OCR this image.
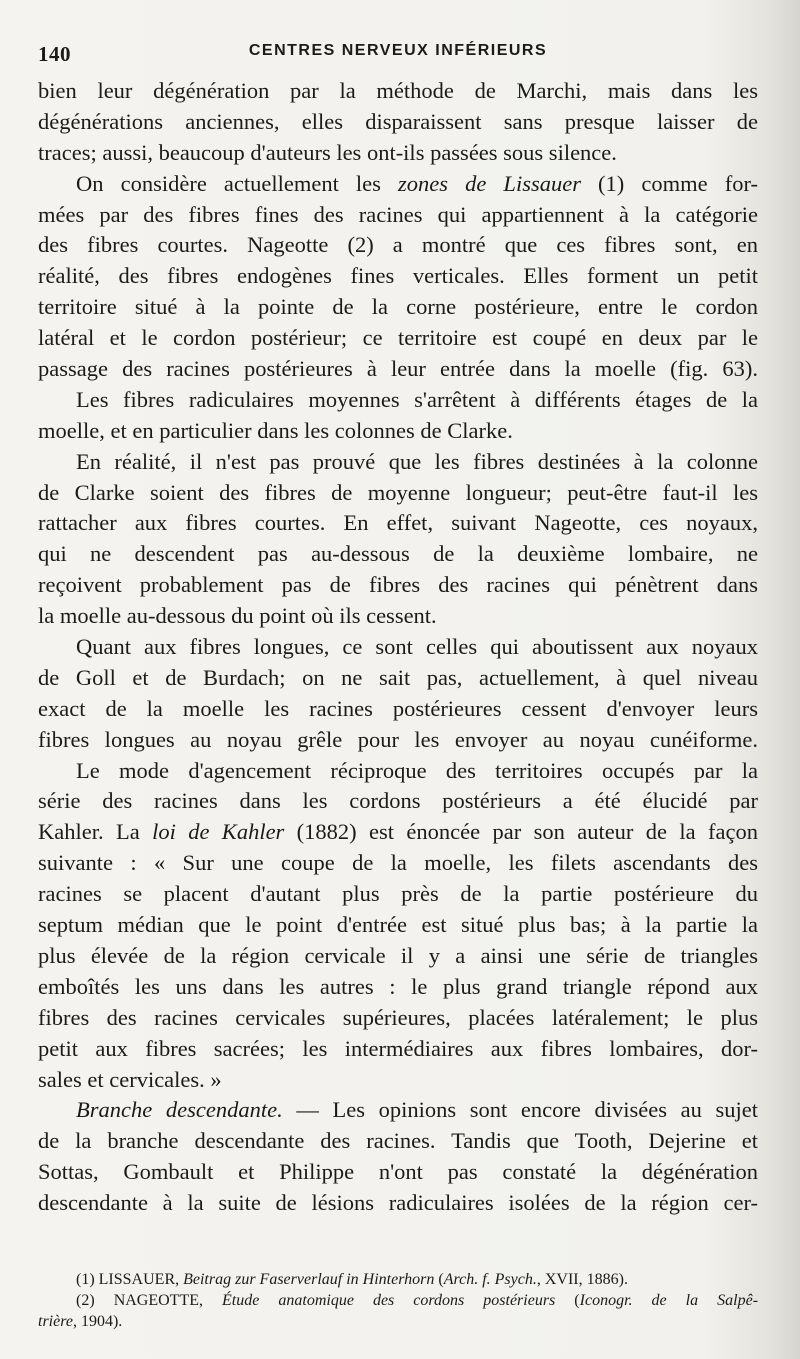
140	CENTRES NERVEUX INFÉRIEURS
bien leur dégénération par la méthode de Marchi, mais dans les
dégénérations anciennes, elles disparaissent sans presque laisser de
traces; aussi, beaucoup d'auteurs les ont-ils passées sous silence.
On considère actuellement les zones de Lissauer (1) comme for-
mées par des fibres fines des racines qui appartiennent à la catégorie
des fibres courtes. Nageotte (2) a montré que ces fibres sont, en
réalité, des fibres endogènes fines verticales. Elles forment un petit
territoire situé à la pointe de la corne postérieure, entre le cordon
latéral et le cordon postérieur; ce territoire est coupé en deux par le
passage des racines postérieures à leur entrée dans la moelle (fig. 63).
Les fibres radiculaires moyennes s'arrêtent à différents étages de la
moelle, et en particulier dans les colonnes de Clarke.
En réalité, il n'est pas prouvé que les fibres destinées à la colonne
de Clarke soient des fibres de moyenne longueur; peut-être faut-il les
rattacher aux fibres courtes. En effet, suivant Nageotte, ces noyaux,
qui ne descendent pas au-dessous de la deuxième lombaire, ne
reçoivent probablement pas de fibres des racines qui pénètrent dans
la moelle au-dessous du point où ils cessent.
Quant aux fibres longues, ce sont celles qui aboutissent aux noyaux
de Goll et de Burdach; on ne sait pas, actuellement, à quel niveau
exact de la moelle les racines postérieures cessent d'envoyer leurs
fibres longues au noyau grêle pour les envoyer au noyau cunéiforme.
Le mode d'agencement réciproque des territoires occupés par la
série des racines dans les cordons postérieurs a été élucidé par
Kahler. La loi de Kahler (1882) est énoncée par son auteur de la façon
suivante : « Sur une coupe de la moelle, les filets ascendants des
racines se placent d'autant plus près de la partie postérieure du
septum médian que le point d'entrée est situé plus bas; à la partie la
plus élevée de la région cervicale il y a ainsi une série de triangles
emboîtés les uns dans les autres : le plus grand triangle répond aux
fibres des racines cervicales supérieures, placées latéralement; le plus
petit aux fibres sacrées; les intermédiaires aux fibres lombaires, dor-
sales et cervicales. »
Branche descendante. — Les opinions sont encore divisées au sujet
de la branche descendante des racines. Tandis que Tooth, Dejerine et
Sottas, Gombault et Philippe n'ont pas constaté la dégénération
descendante à la suite de lésions radiculaires isolées de la région cer-
(1) LISSAUER, Beitrag zur Faserverlauf in Hinterhorn (Arch. f. Psych., XVII, 1886).
(2) NAGEOTTE, Étude anatomique des cordons postérieurs (Iconogr. de la Salpê-
trière, 1904).
